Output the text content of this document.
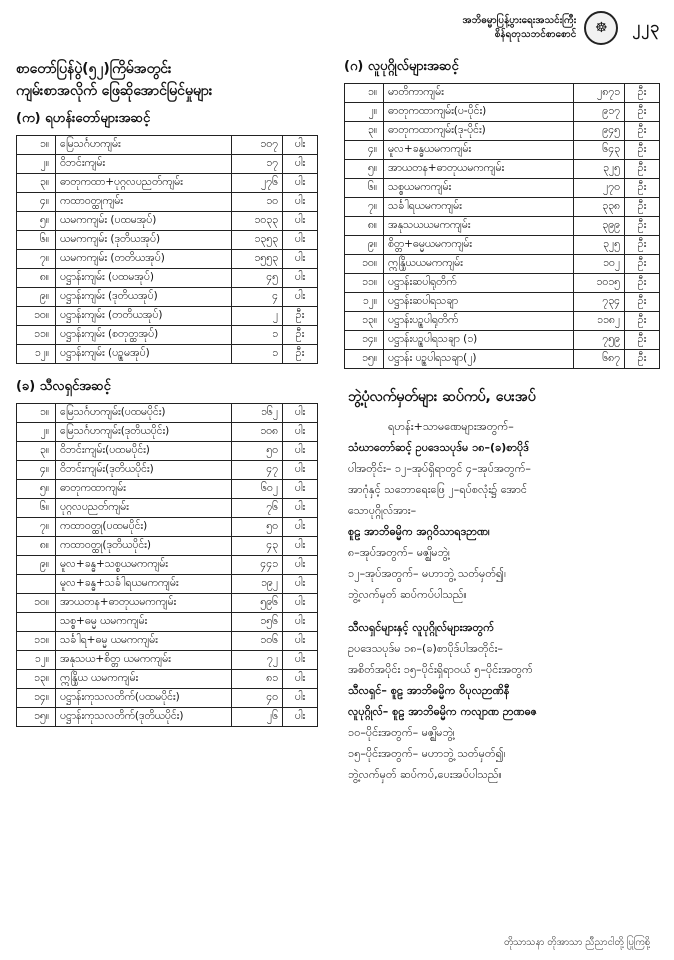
အဘိဓမ္မာပြန့်ပွားရေးအသင်းကြီး
စိန်ရတုသဘင်စာစောင်	☸	၂၂၃
စာတော်ပြန်ပွဲ(၅၂)ကြိမ်အတွင်း
ကျမ်းစာအလိုက် ဖြေဆိုအောင်မြင်မှုများ
(က) ရဟန်းတော်များအဆင့်
၁။	မြေသင်္ဂဟကျမ်း	၁၀၇	ပါး
၂။	ဝိဘင်းကျမ်း	၁၇	ပါး
၃။	ဓာတုကထာ+ပုဂ္ဂလပညတ်ကျမ်း	၂၇၆	ပါး
၄။	ကထာဝတ္ထုကျမ်း	၁၀	ပါး
၅။	ယမကကျမ်း (ပထမအုပ်)	၁၀၃၃	ပါး
၆။	ယမကကျမ်း (ဒုတိယအုပ်)	၁၃၅၃	ပါး
၇။	ယမကကျမ်း (တတိယအုပ်)	၁၅၅၃	ပါး
၈။	ပဋ္ဌာန်းကျမ်း (ပထမအုပ်)	၄၅	ပါး
၉။	ပဋ္ဌာန်းကျမ်း (ဒုတိယအုပ်)	၄	ပါး
၁၀။	ပဋ္ဌာန်းကျမ်း (တတိယအုပ်)	၂	ဦး
၁၁။	ပဋ္ဌာန်းကျမ်း (စတုတ္ထအုပ်)	၁	ဦး
၁၂။	ပဋ္ဌာန်းကျမ်း (ပဉ္စမအုပ်)	၁	ဦး
(ခ) သီလရှင်အဆင့်
၁။	မြေသင်္ဂဟကျမ်း(ပထမပိုင်း)	၁၆၂	ပါး
၂။	မြေသင်္ဂဟကျမ်း(ဒုတိယပိုင်း)	၁၀၈	ပါး
၃။	ဝိဘင်းကျမ်း(ပထမပိုင်း)	၅၀	ပါး
၄။	ဝိဘင်းကျမ်း(ဒုတိယပိုင်း)	၄၇	ပါး
၅။	ဓာတုကထာကျမ်း	၆၀၂	ပါး
၆။	ပုဂ္ဂလပညတ်ကျမ်း	၇၆	ပါး
၇။	ကထာဝတ္ထု(ပထမပိုင်း)	၅၀	ပါး
၈။	ကထာဝတ္ထု(ဒုတိယပိုင်း)	၄၃	ပါး
၉။	မူလ+ခန္ဓ+သစ္စယမကကျမ်း	၄၄၁	ပါး
	မူလ+ခန္ဓ+သင်္ခါရယမကကျမ်း	၁၉၂	ပါး
၁၀။	အာယတန+ဓာတုယမကကျမ်း	၅၉၆	ပါး
	သစ္စ+ဓမ္မ ယမကကျမ်း	၁၅၆	ပါး
၁၁။	သင်္ခါရ+ဓမ္မ ယမကကျမ်း	၁၀၆	ပါး
၁၂။	အနုသယ+စိတ္တ ယမကကျမ်း	၇၂	ပါး
၁၃။	ဣန္ဒြိယ ယမကကျမ်း	၈၁	ပါး
၁၄။	ပဋ္ဌာန်းကုသလတိက်(ပထမပိုင်း)	၄၀	ပါး
၁၅။	ပဋ္ဌာန်းကုသလတိက်(ဒုတိယပိုင်း)	၂၆	ပါး
(ဂ) လူပုဂ္ဂိုလ်များအဆင့်
၁။	မာတိကာကျမ်း	၂၈၇၁	ဦး
၂။	ဓာတုကထာကျမ်း(ပ-ပိုင်း)	၉၁၇	ဦး
၃။	ဓာတုကထာကျမ်း(ဒု-ပိုင်း)	၉၄၅	ဦး
၄။	မူလ+ခန္ဓယမကကျမ်း	၆၄၃	ဦး
၅။	အာယတန+ဓာတုယမကကျမ်း	၃၂၅	ဦး
၆။	သစ္စယမကကျမ်း	၂၇၀	ဦး
၇။	သင်္ခါရယမကကျမ်း	၃၃၈	ဦး
၈။	အနုသယယမကကျမ်း	၃၉၉	ဦး
၉။	စိတ္တ+ဓမ္မယမကကျမ်း	၃၂၅	ဦး
၁၀။	ဣန္ဒြိယယမကကျမ်း	၁၀၂	ဦး
၁၁။	ပဋ္ဌာန်းဆပါရုတိက်	၁၀၁၅	ဦး
၁၂။	ပဋ္ဌာန်းဆပါရသချာ	၇၃၄	ဦး
၁၃။	ပဋ္ဌာန်းပဉ္စပါရုတိက်	၁၁၈၂	ဦး
၁၄။	ပဋ္ဌာန်းပဉ္စပါရသချာ (၁)	၇၅၉	ဦး
၁၅။	ပဋ္ဌာန်း ပဉ္စပါရသချာ(၂)	၆၈၇	ဦး
ဘွဲ့ပုံလက်မှတ်များ ဆပ်ကပ်, ပေးအပ်

ရဟန်း+သာမဏေများအတွက်–

သံဃာတော်ဆင့် ဥပဒေသပုဒ်မ ၁၈–(ခ)စာပိုဒ်

ပါအတိုင်း– ၁၂–အုပ်ရှိရာတွင် ၄–အုပ်အတွက်–

အာဂုံနှင့် သဘောရေးဖြေ ၂–ရပ်စလုံး၌ အောင်

သောပုဂ္ဂိုလ်အား–

စူဠ အာဘိဓမ္မိက အဂ္ဂဝိသာရဒဉာဏ၊

၈–အုပ်အတွက်– မဇ္ဈိမဘွဲ့၊

၁၂–အုပ်အတွက်– မဟာဘွဲ့ သတ်မှတ်၍၊

ဘွဲ့လက်မှတ် ဆပ်ကပ်ပါသည်။

သီလရှင်များနှင့် လူပုဂ္ဂိုလ်များအတွက်

ဥပဒေသပုဒ်မ ၁၈–(ခ)စာပိုဒ်ပါအတိုင်း–

အစိတ်အပိုင်း ၁၅–ပိုင်းရှိရာဝယ် ၅–ပိုင်းအတွက်

သီလရှင်– စူဠ အာဘိဓမ္မိက ဝိပုလဉာဏိနီ

လူပုဂ္ဂိုလ်– စူဠ အာဘိဓမ္မိက ကလျာဏ ဉာဏဓဇ

၁၀–ပိုင်းအတွက်– မဇ္ဈိမဘွဲ့၊

၁၅–ပိုင်းအတွက်– မဟာဘွဲ့ သတ်မှတ်၍၊

ဘွဲ့လက်မှတ် ဆပ်ကပ်,ပေးအပ်ပါသည်။

တိုသာသနာ တိုအာသာ ညီညာငါတို့ ပြုကြစို့
